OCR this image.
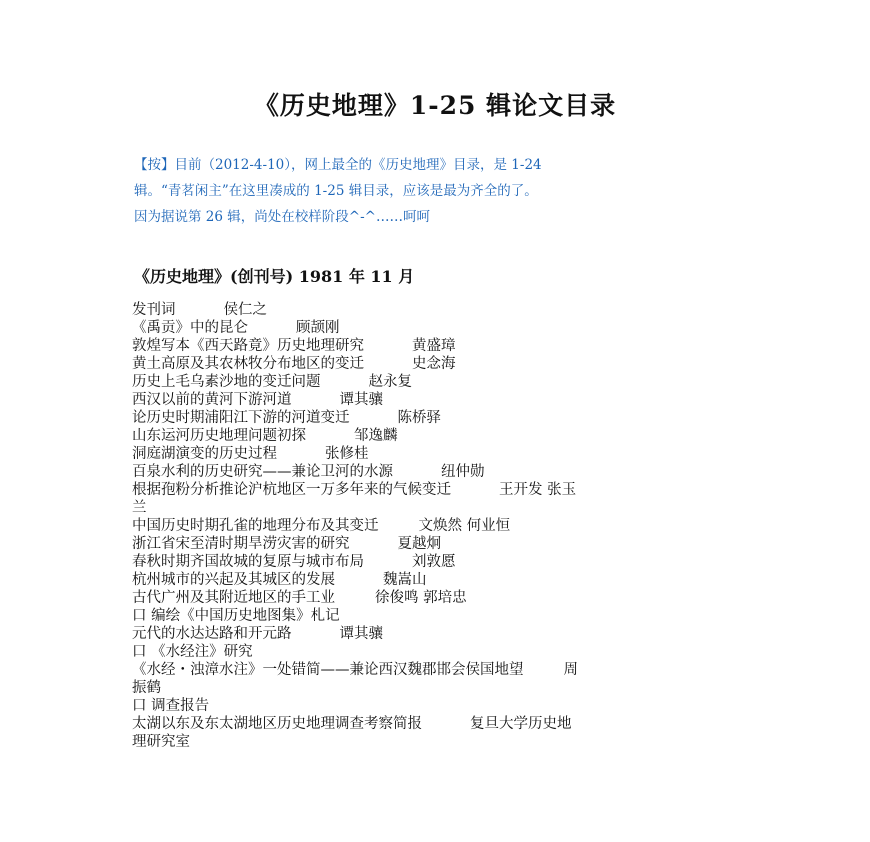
《历史地理》1-25 辑论文目录

【按】目前（2012-4-10），网上最全的《历史地理》目录，是 1-24

辑。“青茗闲主”在这里凑成的 1-25 辑目录，应该是最为齐全的了。

因为据说第 26 辑，尚处在校样阶段^-^……呵呵

《历史地理》(创刊号) 1981 年 11 月
发刊词	侯仁之
《禹贡》中的昆仑	顾颉刚
敦煌写本《西天路竟》历史地理研究	黄盛璋
黄土高原及其农林牧分布地区的变迁	史念海
历史上毛乌素沙地的变迁问题	赵永复
西汉以前的黄河下游河道	谭其骧
论历史时期浦阳江下游的河道变迁	陈桥驿
山东运河历史地理问题初探	邹逸麟
洞庭湖演变的历史过程	张修桂
百泉水利的历史研究——兼论卫河的水源	纽仲勋
根据孢粉分析推论沪杭地区一万多年来的气候变迁	王开发 张玉
兰
中国历史时期孔雀的地理分布及其变迁	文焕然 何业恒
浙江省宋至清时期旱涝灾害的研究	夏越炯
春秋时期齐国故城的复原与城市布局	刘敦愿
杭州城市的兴起及其城区的发展	魏嵩山
古代广州及其附近地区的手工业	徐俊鸣 郭培忠
口 编绘《中国历史地图集》札记
元代的水达达路和开元路	谭其骧
口 《水经注》研究
《水经・浊漳水注》一处错简——兼论西汉魏郡邯会侯国地望	周
振鹤
口 调查报告
太湖以东及东太湖地区历史地理调查考察简报	复旦大学历史地
理研究室
